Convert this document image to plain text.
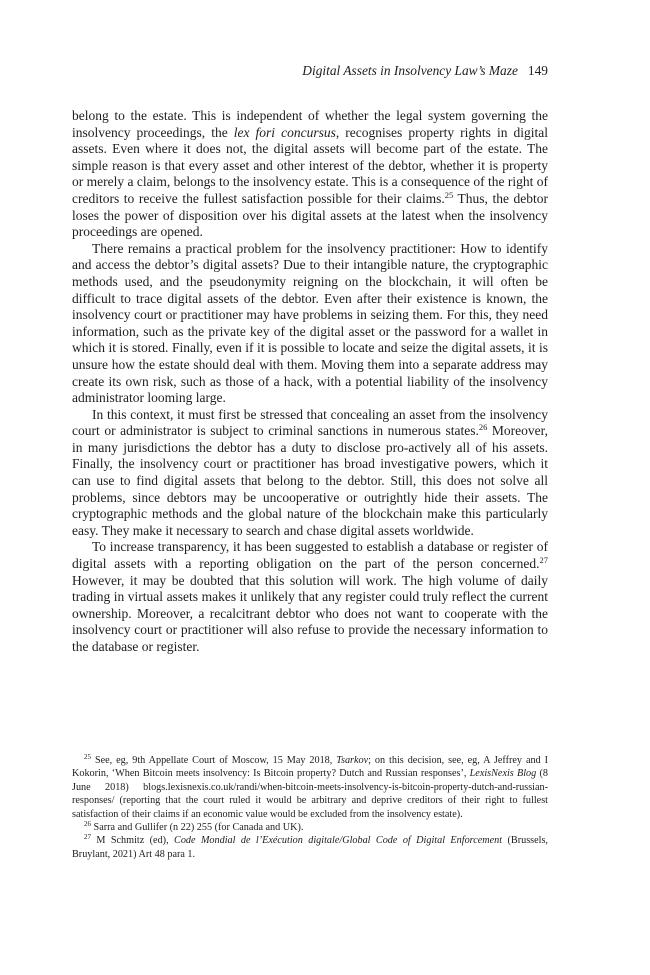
Digital Assets in Insolvency Law’s Maze 149

belong to the estate. This is independent of whether the legal system governing the insolvency proceedings, the lex fori concursus, recognises property rights in digital assets. Even where it does not, the digital assets will become part of the estate. The simple reason is that every asset and other interest of the debtor, whether it is property or merely a claim, belongs to the insolvency estate. This is a consequence of the right of creditors to receive the fullest satisfaction possible for their claims.$^{25}$ Thus, the debtor loses the power of disposition over his digital assets at the latest when the insolvency proceedings are opened.

There remains a practical problem for the insolvency practitioner: How to identify and access the debtor’s digital assets? Due to their intangible nature, the cryptographic methods used, and the pseudonymity reigning on the blockchain, it will often be difficult to trace digital assets of the debtor. Even after their existence is known, the insolvency court or practitioner may have problems in seizing them. For this, they need information, such as the private key of the digital asset or the password for a wallet in which it is stored. Finally, even if it is possible to locate and seize the digital assets, it is unsure how the estate should deal with them. Moving them into a separate address may create its own risk, such as those of a hack, with a potential liability of the insolvency administrator looming large.

In this context, it must first be stressed that concealing an asset from the insolvency court or administrator is subject to criminal sanctions in numerous states.$^{26}$ Moreover, in many jurisdictions the debtor has a duty to disclose pro-actively all of his assets. Finally, the insolvency court or practitioner has broad investigative powers, which it can use to find digital assets that belong to the debtor. Still, this does not solve all problems, since debtors may be uncooperative or outrightly hide their assets. The cryptographic methods and the global nature of the blockchain make this particularly easy. They make it necessary to search and chase digital assets worldwide.

To increase transparency, it has been suggested to establish a database or register of digital assets with a reporting obligation on the part of the person concerned.$^{27}$ However, it may be doubted that this solution will work. The high volume of daily trading in virtual assets makes it unlikely that any register could truly reflect the current ownership. Moreover, a recalcitrant debtor who does not want to cooperate with the insolvency court or practitioner will also refuse to provide the necessary information to the database or register.

$^{25}$ See, eg, 9th Appellate Court of Moscow, 15 May 2018, Tsarkov; on this decision, see, eg, A Jeffrey and I Kokorin, ‘When Bitcoin meets insolvency: Is Bitcoin property? Dutch and Russian responses’, LexisNexis Blog (8 June 2018) blogs.lexisnexis.co.uk/randi/when-bitcoin-meets-insolvency-is-bitcoin-property-dutch-and-russian-responses/ (reporting that the court ruled it would be arbitrary and deprive creditors of their right to fullest satisfaction of their claims if an economic value would be excluded from the insolvency estate).

$^{26}$ Sarra and Gullifer (n 22) 255 (for Canada and UK).

$^{27}$ M Schmitz (ed), Code Mondial de l’Exécution digitale/Global Code of Digital Enforcement (Brussels, Bruylant, 2021) Art 48 para 1.
